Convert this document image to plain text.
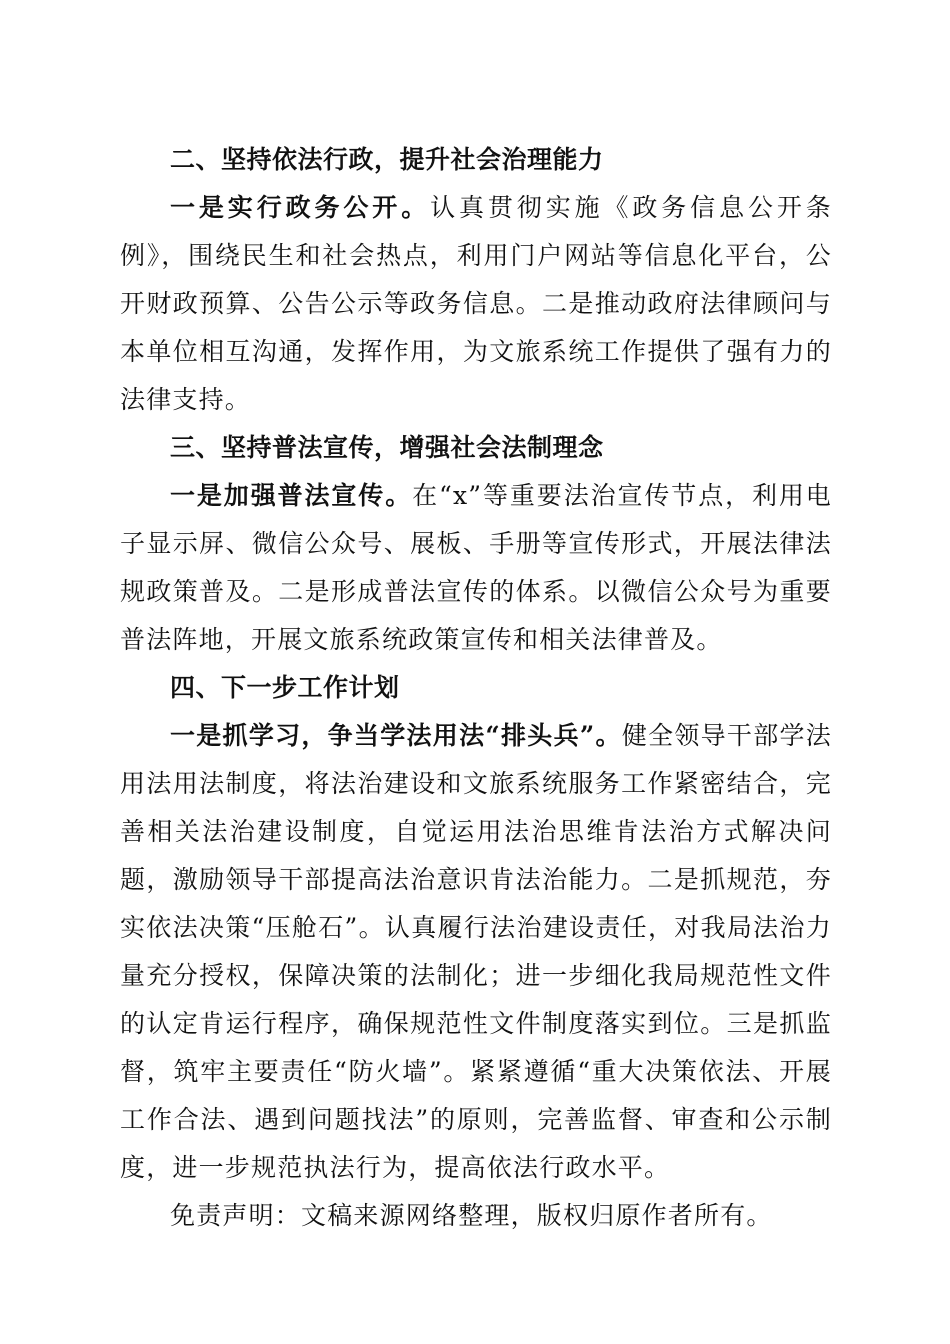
二、坚持依法行政，提升社会治理能力

一是实行政务公开。认真贯彻实施《政务信息公开条例》，围绕民生和社会热点，利用门户网站等信息化平台，公开财政预算、公告公示等政务信息。二是推动政府法律顾问与本单位相互沟通，发挥作用，为文旅系统工作提供了强有力的法律支持。

三、坚持普法宣传，增强社会法制理念

一是加强普法宣传。在“x”等重要法治宣传节点，利用电子显示屏、微信公众号、展板、手册等宣传形式，开展法律法规政策普及。二是形成普法宣传的体系。以微信公众号为重要普法阵地，开展文旅系统政策宣传和相关法律普及。

四、下一步工作计划

一是抓学习，争当学法用法“排头兵”。健全领导干部学法用法用法制度，将法治建设和文旅系统服务工作紧密结合，完善相关法治建设制度，自觉运用法治思维肯法治方式解决问题，激励领导干部提高法治意识肯法治能力。二是抓规范，夯实依法决策“压舱石”。认真履行法治建设责任，对我局法治力量充分授权，保障决策的法制化；进一步细化我局规范性文件的认定肯运行程序，确保规范性文件制度落实到位。三是抓监督，筑牢主要责任“防火墙”。紧紧遵循“重大决策依法、开展工作合法、遇到问题找法”的原则，完善监督、审查和公示制度，进一步规范执法行为，提高依法行政水平。

免责声明：文稿来源网络整理，版权归原作者所有。
